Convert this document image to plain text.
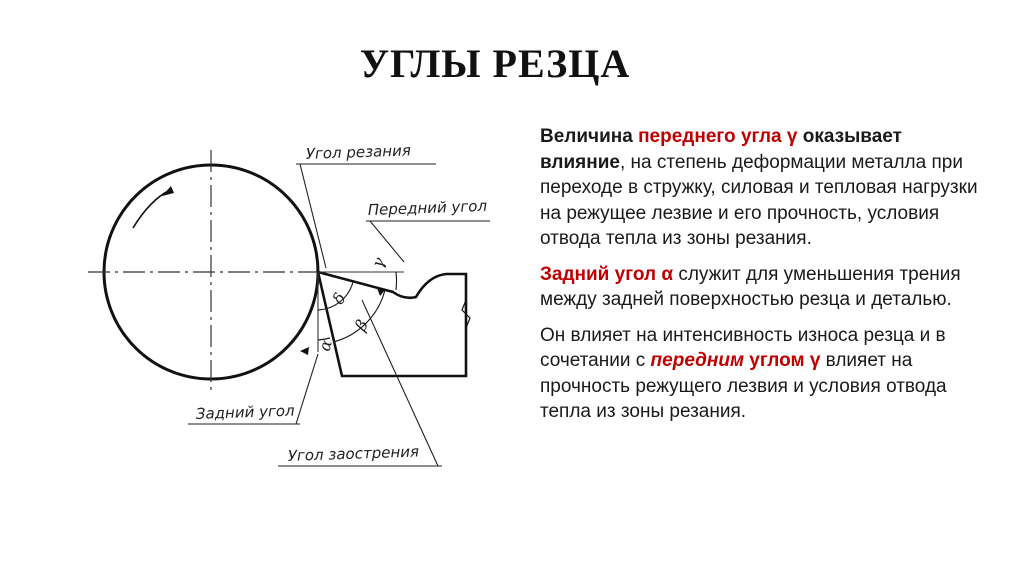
УГЛЫ РЕЗЦА
Угол резания
Передний угол
Задний угол
Угол заострения
γ
δ
β
α

Величина переднего угла γ оказывает влияние, на степень деформации металла при переходе в стружку, силовая и тепловая нагрузки на режущее лезвие и его прочность, условия отвода тепла из зоны резания.

Задний угол α служит для уменьшения трения между задней поверхностью резца и деталью.

Он влияет на интенсивность износа резца и в сочетании с передним углом γ влияет на прочность режущего лезвия и условия отвода тепла из зоны резания.
